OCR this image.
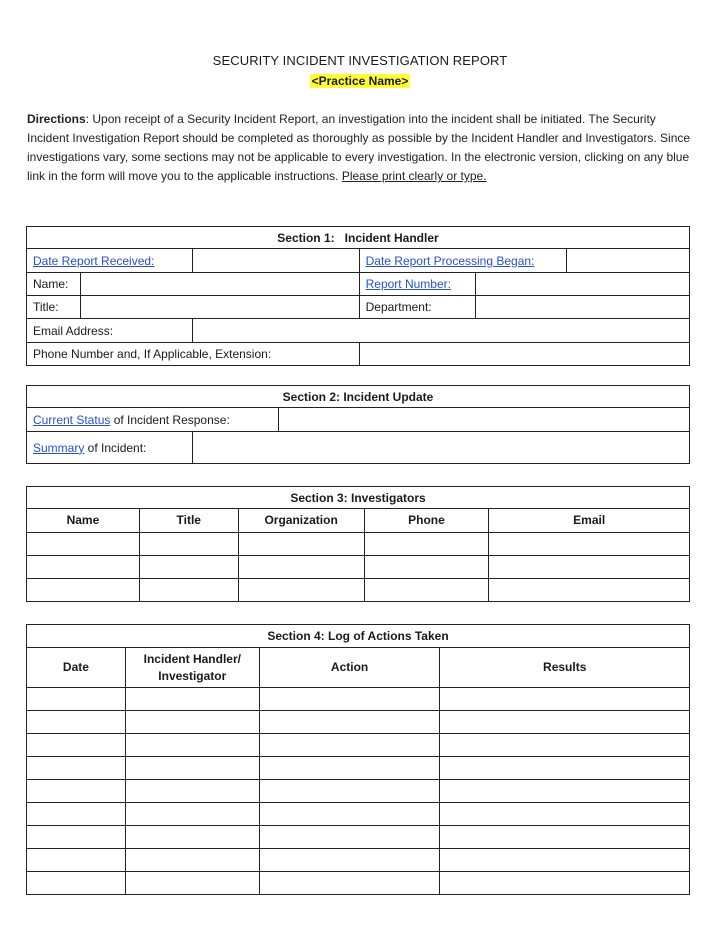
SECURITY INCIDENT INVESTIGATION REPORT
<Practice Name>
Directions: Upon receipt of a Security Incident Report, an investigation into the incident shall be initiated. The Security Incident Investigation Report should be completed as thoroughly as possible by the Incident Handler and Investigators. Since investigations vary, some sections may not be applicable to every investigation. In the electronic version, clicking on any blue link in the form will move you to the applicable instructions. Please print clearly or type.
Section 1: Incident Handler					
Date Report Received:			Date Report Processing Began:		
Name:			Report Number:		
Title:			Department:		
Email Address:					
Phone Number and, If Applicable, Extension:					
Section 2: Incident Update		
Current Status of Incident Response:		
Summary of Incident:		
Section 3: Investigators				
Name	Title	Organization	Phone	Email

Section 4: Log of Actions Taken			
Date	Incident Handler/ Investigator	Action	Results
